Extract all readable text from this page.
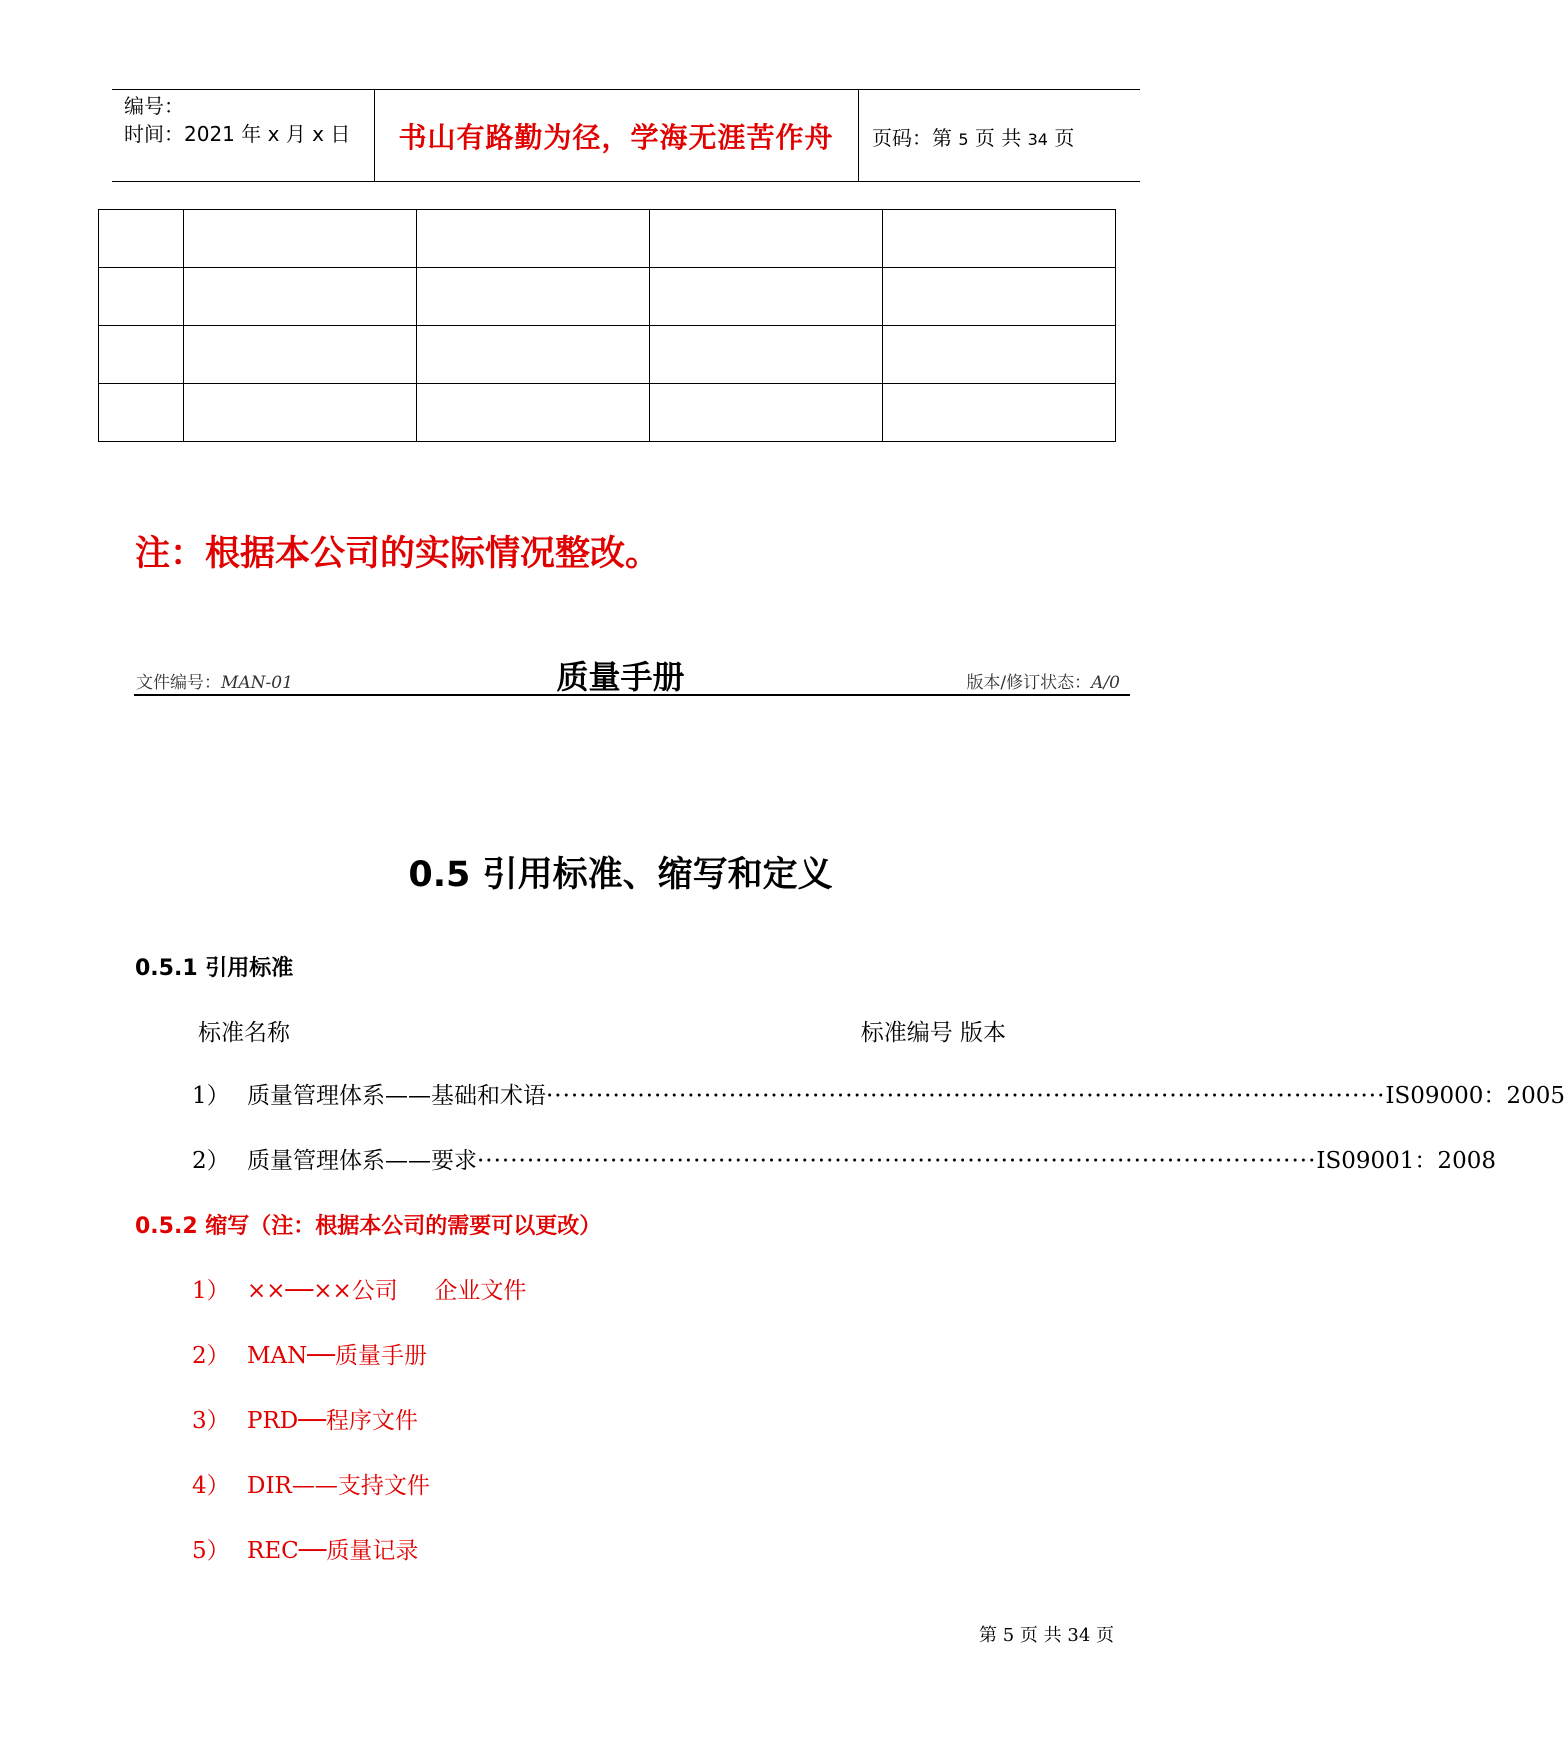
编号：
时间：2021 年 x 月 x 日	书山有路勤为径，学海无涯苦作舟	页码：第 5 页 共 34 页

注：根据本公司的实际情况整改。
文件编号：MAN-01	质量手册	版本/修订状态：A/0
0.5 引用标准、缩写和定义
0.5.1 引用标准
标准名称	标准编号 版本
1） 质量管理体系——基础和术语 ····································································································· IS09000：2005
2） 质量管理体系——要求 ····································································································· IS09001：2008
0.5.2 缩写（注：根据本公司的需要可以更改）
1） ××──××公司     企业文件
2） MAN──质量手册
3） PRD──程序文件
4） DIR——支持文件
5） REC──质量记录
第 5 页 共 34 页
